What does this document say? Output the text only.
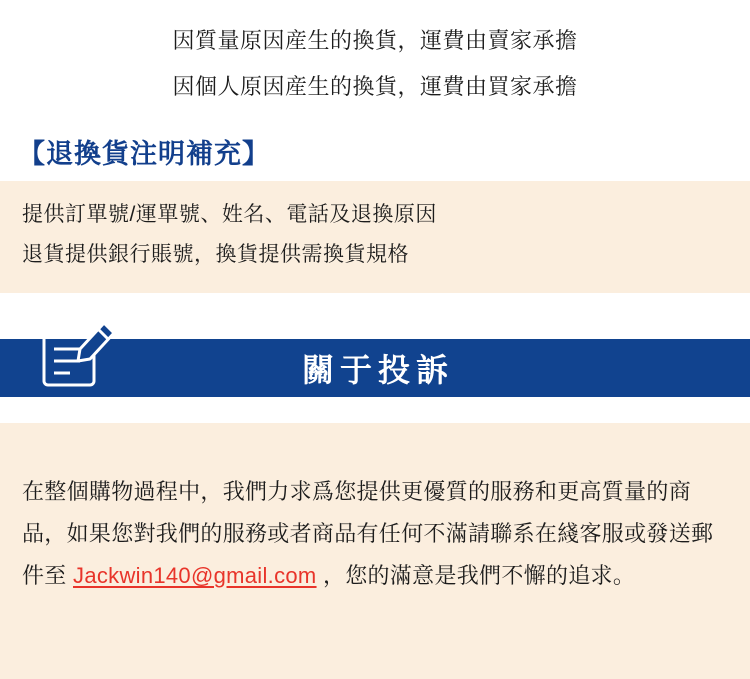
因質量原因産生的換貨，運費由賣家承擔
因個人原因産生的換貨，運費由買家承擔
【退換貨注明補充】
提供訂單號/運單號、姓名、電話及退換原因
退貨提供銀行賬號，換貨提供需換貨規格
關于投訴

在整個購物過程中，我們力求爲您提供更優質的服務和更高質量的商品，如果您對我們的服務或者商品有任何不滿請聯系在綫客服或發送郵件至 Jackwin140@gmail.com ，您的滿意是我們不懈的追求。
